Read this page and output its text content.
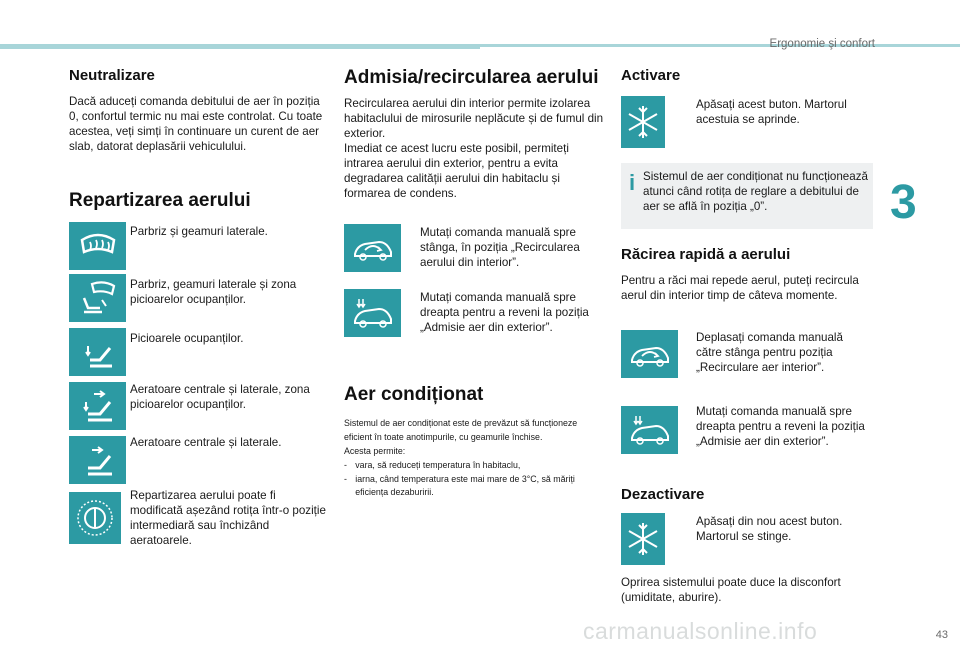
Ergonomie şi confort
3
43
Neutralizare

Dacă aduceți comanda debitului de aer în poziția 0, confortul termic nu mai este controlat. Cu toate acestea, veți simți în continuare un curent de aer slab, datorat deplasării vehiculului.

Repartizarea aerului

Parbriz și geamuri laterale.

Parbriz, geamuri laterale și zona picioarelor ocupanților.

Picioarele ocupanților.

Aeratoare centrale și laterale, zona picioarelor ocupanților.

Aeratoare centrale și laterale.

Repartizarea aerului poate fi modificată așezând rotița într-o poziție intermediară sau închizând aeratoarele.

Admisia/recircularea aerului

Recircularea aerului din interior permite izolarea habitaclului de mirosurile neplăcute și de fumul din exterior.
Imediat ce acest lucru este posibil, permiteți intrarea aerului din exterior, pentru a evita degradarea calității aerului din habitaclu și formarea de condens.

Mutați comanda manuală spre stânga, în poziția „Recircularea aerului din interior”.

Mutați comanda manuală spre dreapta pentru a reveni la poziția „Admisie aer din exterior”.

Aer condiționat

Sistemul de aer condiționat este de prevăzut să funcționeze eficient în toate anotimpurile, cu geamurile închise.

Acesta permite:

- vara, să reduceți temperatura în habitaclu,
- iarna, când temperatura este mai mare de 3°C, să măriți eficiența dezaburirii.
Activare

Apăsați acest buton. Martorul acestuia se aprinde.

i Sistemul de aer condiționat nu funcționează atunci când rotița de reglare a debitului de aer se află în poziția „0”.
Răcirea rapidă a aerului

Pentru a răci mai repede aerul, puteți recircula aerul din interior timp de câteva momente.

Deplasați comanda manuală către stânga pentru poziția „Recirculare aer interior”.

Mutați comanda manuală spre dreapta pentru a reveni la poziția „Admisie aer din exterior”.

Dezactivare

Apăsați din nou acest buton. Martorul se stinge.

Oprirea sistemului poate duce la disconfort (umiditate, aburire).

carmanualsonline.info
